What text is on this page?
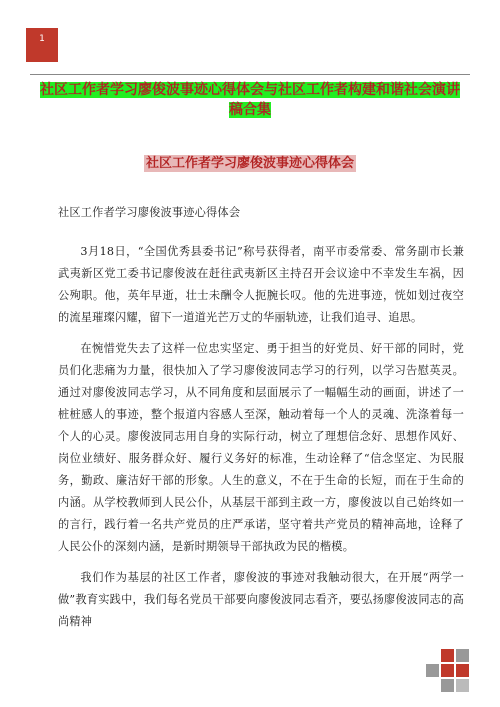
1
社区工作者学习廖俊波事迹心得体会与社区工作者构建和谐社会演讲稿合集
社区工作者学习廖俊波事迹心得体会

社区工作者学习廖俊波事迹心得体会

3月18日，“全国优秀县委书记”称号获得者，南平市委常委、常务副市长兼武夷新区党工委书记廖俊波在赶往武夷新区主持召开会议途中不幸发生车祸，因公殉职。他，英年早逝，壮士未酬令人扼腕长叹。他的先进事迹，恍如划过夜空的流星璀璨闪耀，留下一道道光芒万丈的华丽轨迹，让我们追寻、追思。

在惋惜党失去了这样一位忠实坚定、勇于担当的好党员、好干部的同时，党员们化悲痛为力量，很快加入了学习廖俊波同志学习的行列，以学习告慰英灵。通过对廖俊波同志学习，从不同角度和层面展示了一幅幅生动的画面，讲述了一桩桩感人的事迹，整个报道内容感人至深，触动着每一个人的灵魂、洗涤着每一个人的心灵。廖俊波同志用自身的实际行动，树立了理想信念好、思想作风好、岗位业绩好、服务群众好、履行义务好的标准，生动诠释了“信念坚定、为民服务，勤政、廉洁好干部的形象。人生的意义，不在于生命的长短，而在于生命的内涵。从学校教师到人民公仆，从基层干部到主政一方，廖俊波以自己始终如一的言行，践行着一名共产党员的庄严承诺，坚守着共产党员的精神高地，诠释了人民公仆的深刻内涵，是新时期领导干部执政为民的楷模。

我们作为基层的社区工作者，廖俊波的事迹对我触动很大，在开展“两学一做”教育实践中，我们每名党员干部要向廖俊波同志看齐，要弘扬廖俊波同志的高尚精神
